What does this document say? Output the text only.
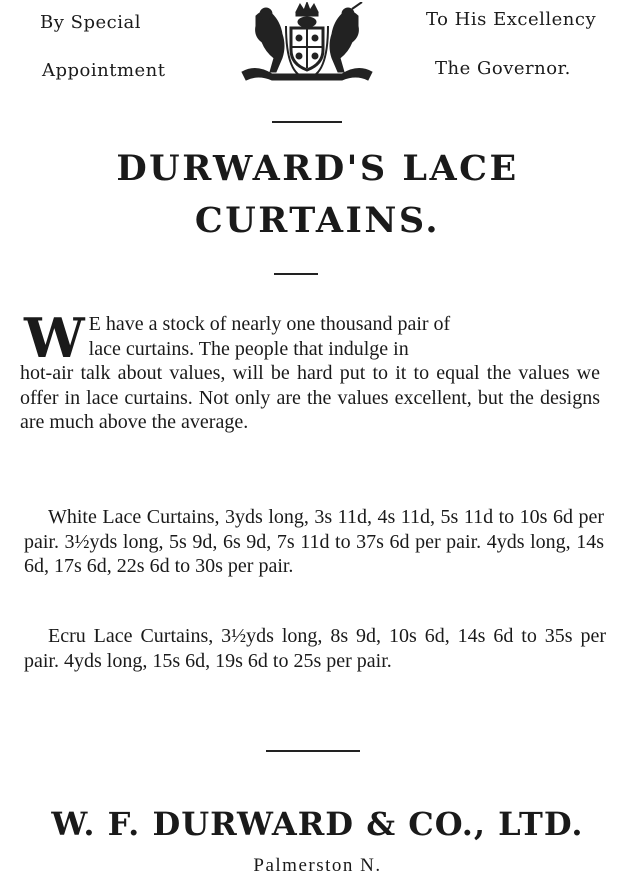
By Special
Appointment
To His Excellency
The Governor.
DURWARD'S LACE
CURTAINS.
W E have a stock of nearly one thousand pair of
lace curtains. The people that indulge in
hot-air talk about values, will be hard put to it to equal the values we offer in lace curtains. Not only are the values excellent, but the designs are much above the average.
White Lace Curtains, 3yds long, 3s 11d, 4s 11d, 5s 11d to 10s 6d per pair. 3½yds long, 5s 9d, 6s 9d, 7s 11d to 37s 6d per pair. 4yds long, 14s 6d, 17s 6d, 22s 6d to 30s per pair.
Ecru Lace Curtains, 3½yds long, 8s 9d, 10s 6d, 14s 6d to 35s per pair. 4yds long, 15s 6d, 19s 6d to 25s per pair.
W. F. DURWARD & CO., LTD.
Palmerston N.
